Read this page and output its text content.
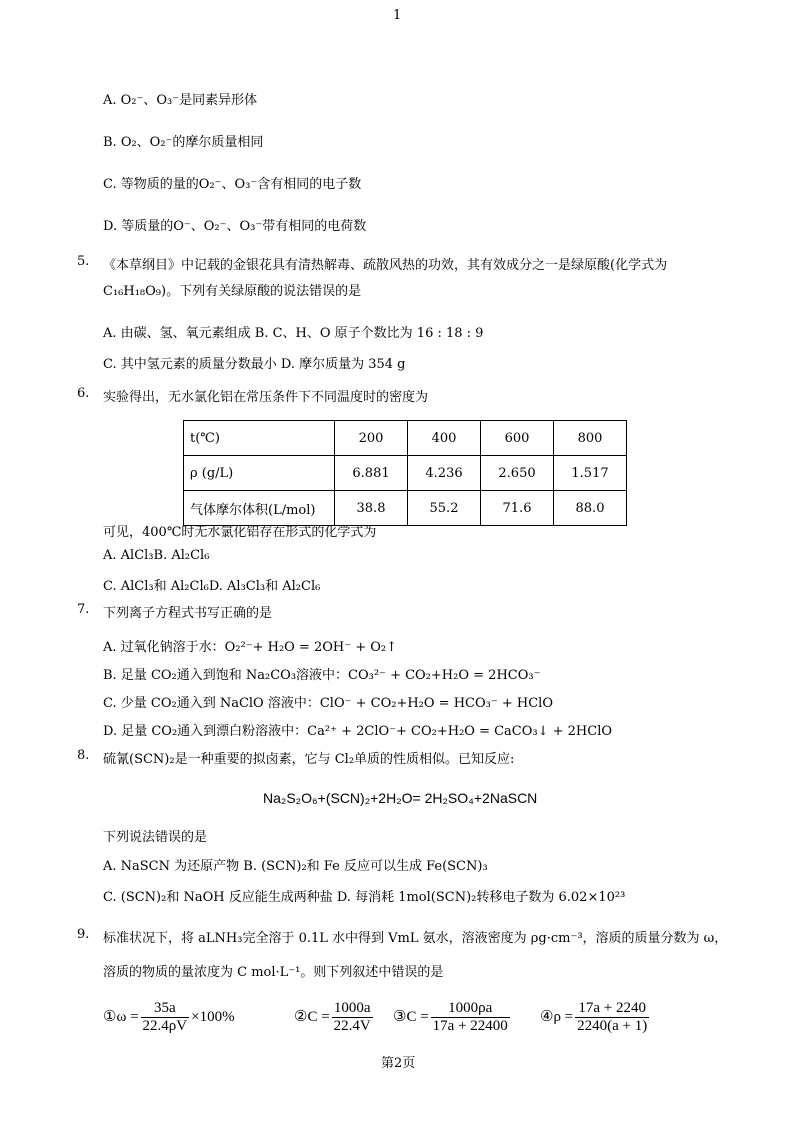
1
A. O₂⁻、O₃⁻是同素异形体
B. O₂、O₂⁻的摩尔质量相同
C. 等物质的量的O₂⁻、O₃⁻含有相同的电子数
D. 等质量的O⁻、O₂⁻、O₃⁻带有相同的电荷数
5. 《本草纲目》中记载的金银花具有清热解毒、疏散风热的功效，其有效成分之一是绿原酸(化学式为
C₁₆H₁₈O₉)。下列有关绿原酸的说法错误的是
A. 由碳、氢、氧元素组成 B. C、H、O 原子个数比为 16 : 18 : 9
C. 其中氢元素的质量分数最小 D. 摩尔质量为 354 g
6. 实验得出，无水氯化铝在常压条件下不同温度时的密度为
t(℃)	200	400	600	800
ρ (g/L)	6.881	4.236	2.650	1.517
气体摩尔体积(L/mol)	38.8	55.2	71.6	88.0
可见，400℃时无水氯化铝存在形式的化学式为
A. AlCl₃B. Al₂Cl₆
C. AlCl₃和 Al₂Cl₆D. Al₃Cl₃和 Al₂Cl₆
7. 下列离子方程式书写正确的是
A. 过氧化钠溶于水：O₂²⁻+ H₂O = 2OH⁻ + O₂↑
B. 足量 CO₂通入到饱和 Na₂CO₃溶液中：CO₃²⁻ + CO₂+H₂O = 2HCO₃⁻
C. 少量 CO₂通入到 NaClO 溶液中：ClO⁻ + CO₂+H₂O = HCO₃⁻ + HClO
D. 足量 CO₂通入到漂白粉溶液中：Ca²⁺ + 2ClO⁻+ CO₂+H₂O = CaCO₃↓ + 2HClO
8. 硫氰(SCN)₂是一种重要的拟卤素，它与 Cl₂单质的性质相似。已知反应:
Na₂S₂O₆+(SCN)₂+2H₂O= 2H₂SO₄+2NaSCN
下列说法错误的是
A. NaSCN 为还原产物 B. (SCN)₂和 Fe 反应可以生成 Fe(SCN)₃
C. (SCN)₂和 NaOH 反应能生成两种盐 D. 每消耗 1mol(SCN)₂转移电子数为 6.02×10²³
9. 标准状况下，将 aLNH₃完全溶于 0.1L 水中得到 VmL 氨水，溶液密度为 ρg·cm⁻³，溶质的质量分数为 ω，
溶质的物质的量浓度为 C mol·L⁻¹。则下列叙述中错误的是
①ω = $\frac{35a}{22.4\rho V} \times 100\%$	②C = $\frac{1000a}{22.4V}$ ③C = $\frac{1000\rho a}{17a + 22400}$ ④ρ = $\frac{17a + 2240}{2240(a + 1)}$
第2页
